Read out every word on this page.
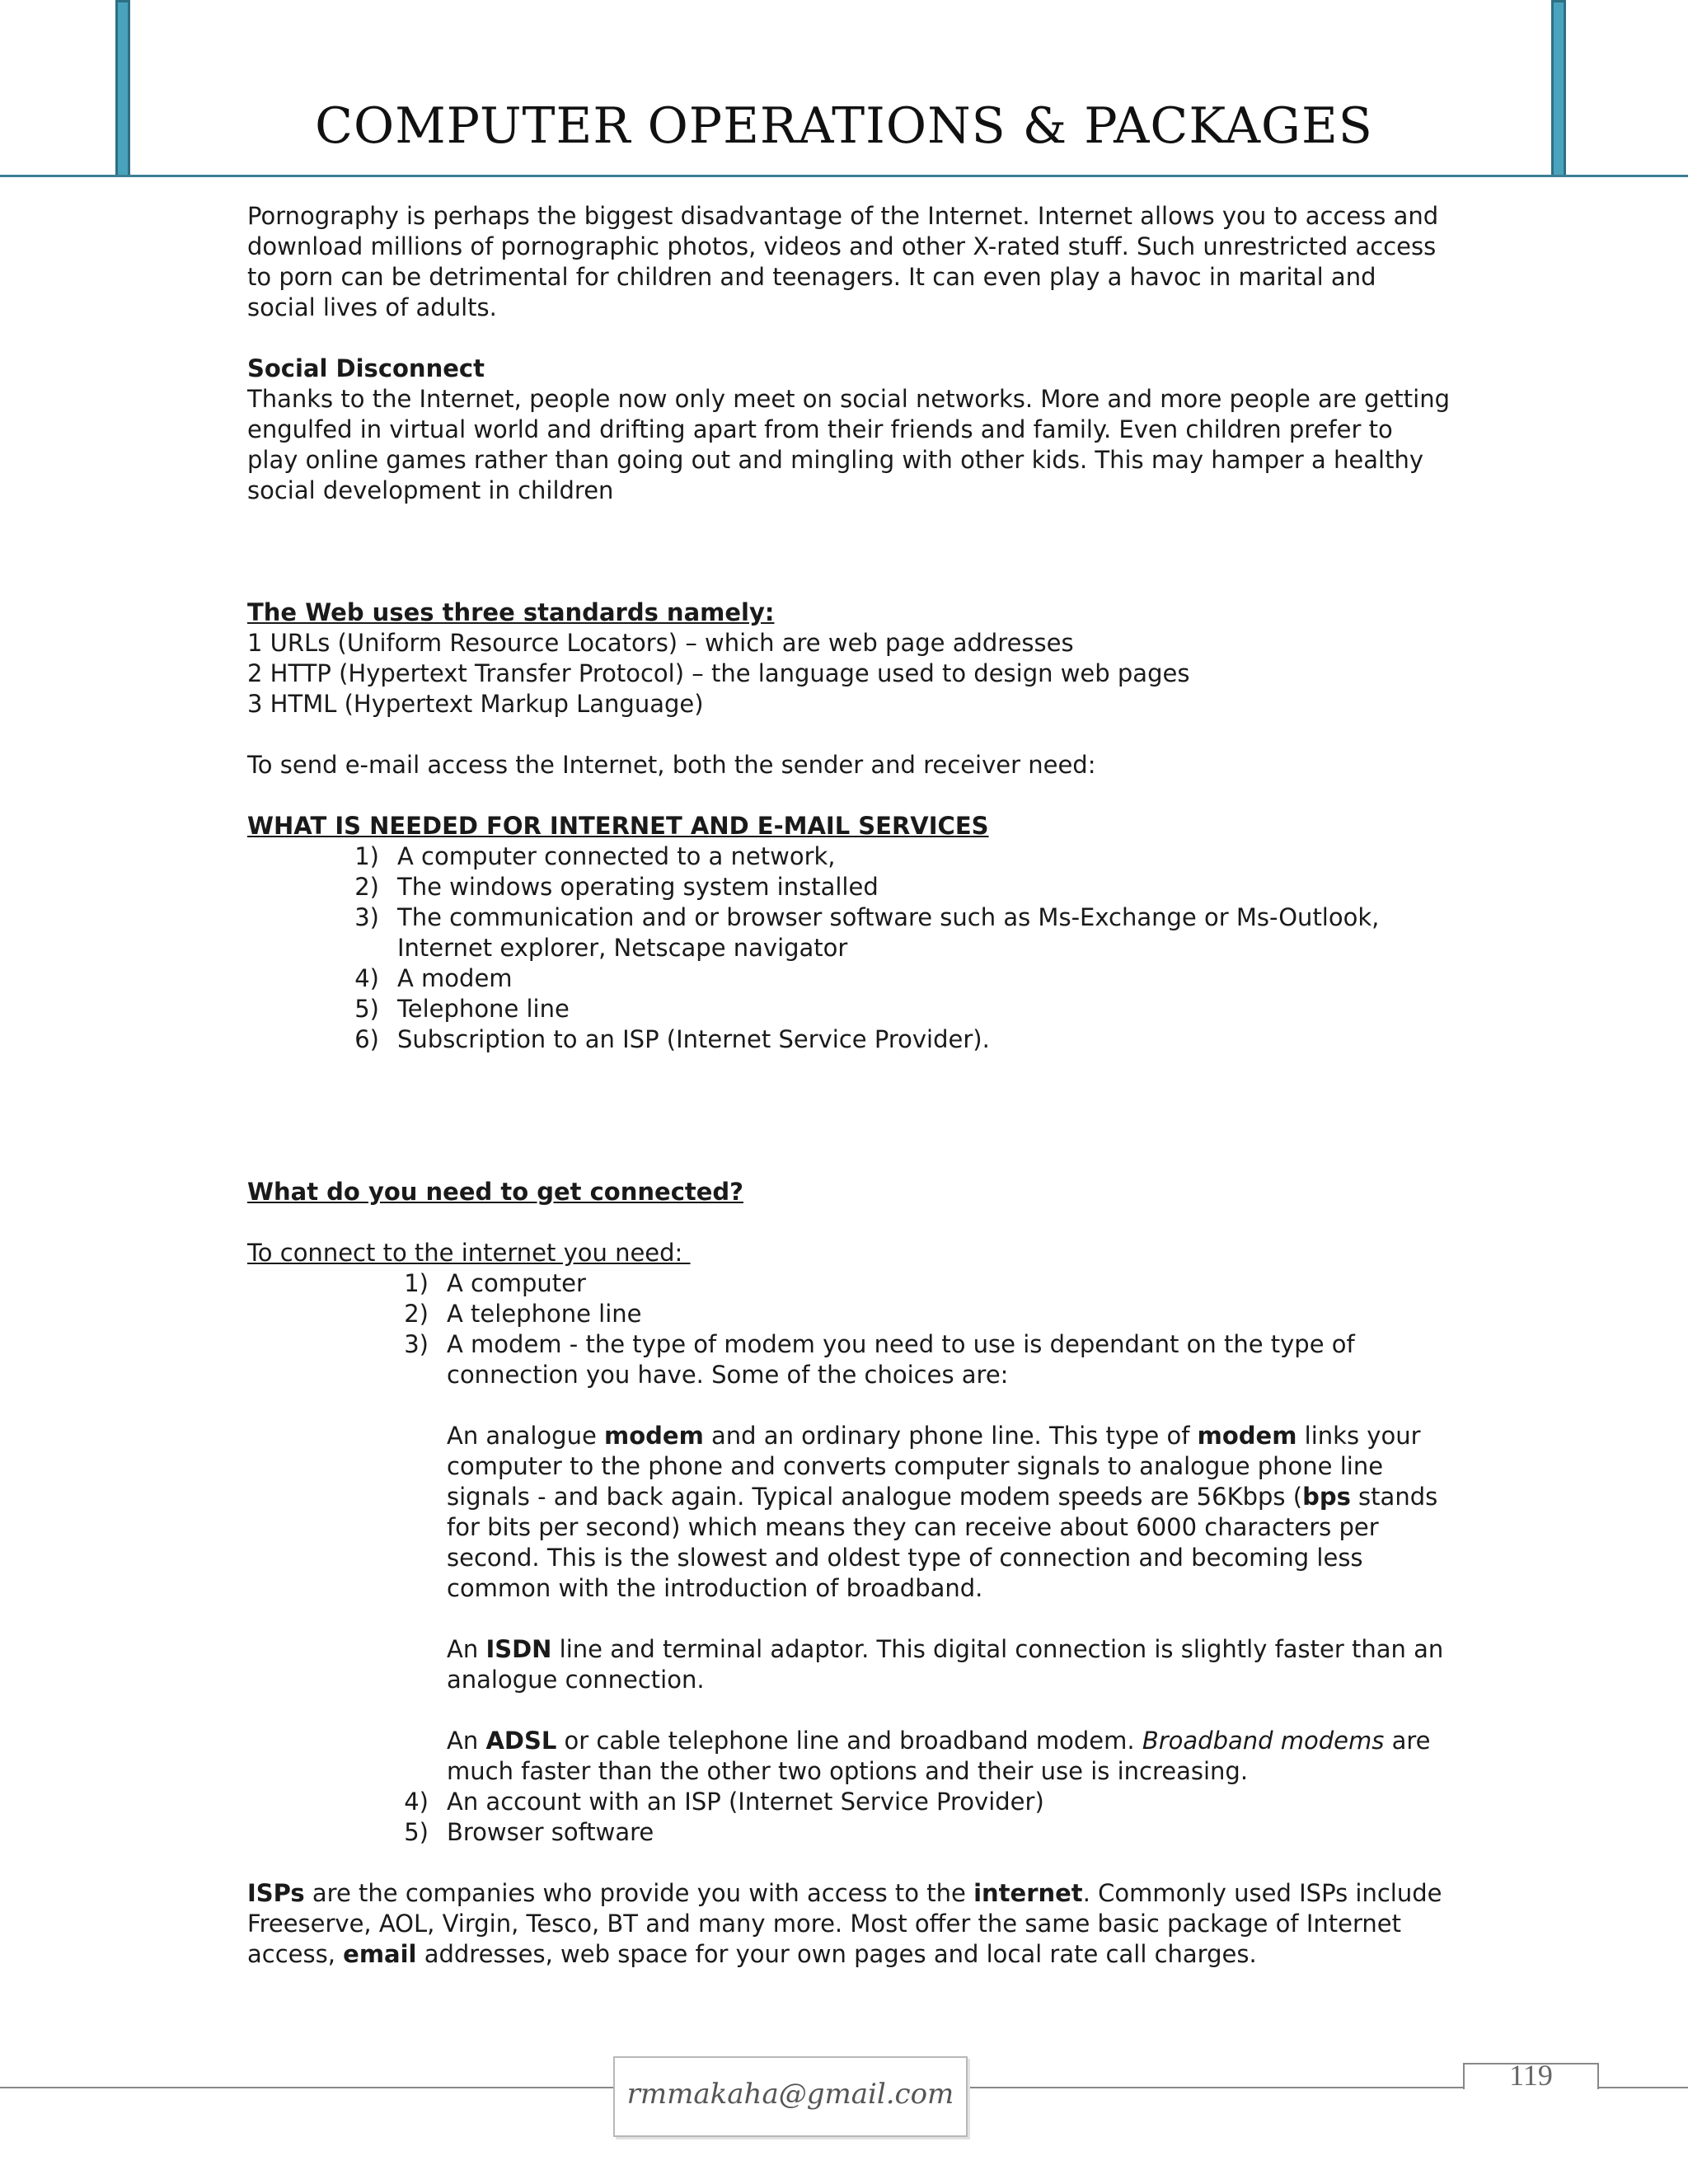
COMPUTER OPERATIONS & PACKAGES

Pornography is perhaps the biggest disadvantage of the Internet. Internet allows you to access and download millions of pornographic photos, videos and other X-rated stuff. Such unrestricted access to porn can be detrimental for children and teenagers. It can even play a havoc in marital and social lives of adults.

Social Disconnect

Thanks to the Internet, people now only meet on social networks. More and more people are getting engulfed in virtual world and drifting apart from their friends and family. Even children prefer to play online games rather than going out and mingling with other kids. This may hamper a healthy social development in children

The Web uses three standards namely:

1 URLs (Uniform Resource Locators) – which are web page addresses

2 HTTP (Hypertext Transfer Protocol) – the language used to design web pages

3 HTML (Hypertext Markup Language)

To send e-mail access the Internet, both the sender and receiver need:

WHAT IS NEEDED FOR INTERNET AND E-MAIL SERVICES

1) A computer connected to a network,
2) The windows operating system installed
3) The communication and or browser software such as Ms-Exchange or Ms-Outlook, Internet explorer, Netscape navigator
4) A modem
5) Telephone line
6) Subscription to an ISP (Internet Service Provider).

What do you need to get connected?

To connect to the internet you need:

1) A computer
2) A telephone line
3) A modem - the type of modem you need to use is dependant on the type of connection you have. Some of the choices are:

An analogue modem and an ordinary phone line. This type of modem links your computer to the phone and converts computer signals to analogue phone line signals - and back again. Typical analogue modem speeds are 56Kbps (bps stands for bits per second) which means they can receive about 6000 characters per second. This is the slowest and oldest type of connection and becoming less common with the introduction of broadband.

An ISDN line and terminal adaptor. This digital connection is slightly faster than an analogue connection.

An ADSL or cable telephone line and broadband modem. Broadband modems are much faster than the other two options and their use is increasing.

4) An account with an ISP (Internet Service Provider)
5) Browser software

ISPs are the companies who provide you with access to the internet. Commonly used ISPs include Freeserve, AOL, Virgin, Tesco, BT and many more. Most offer the same basic package of Internet access, email addresses, web space for your own pages and local rate call charges.

rmmakaha@gmail.com
119
